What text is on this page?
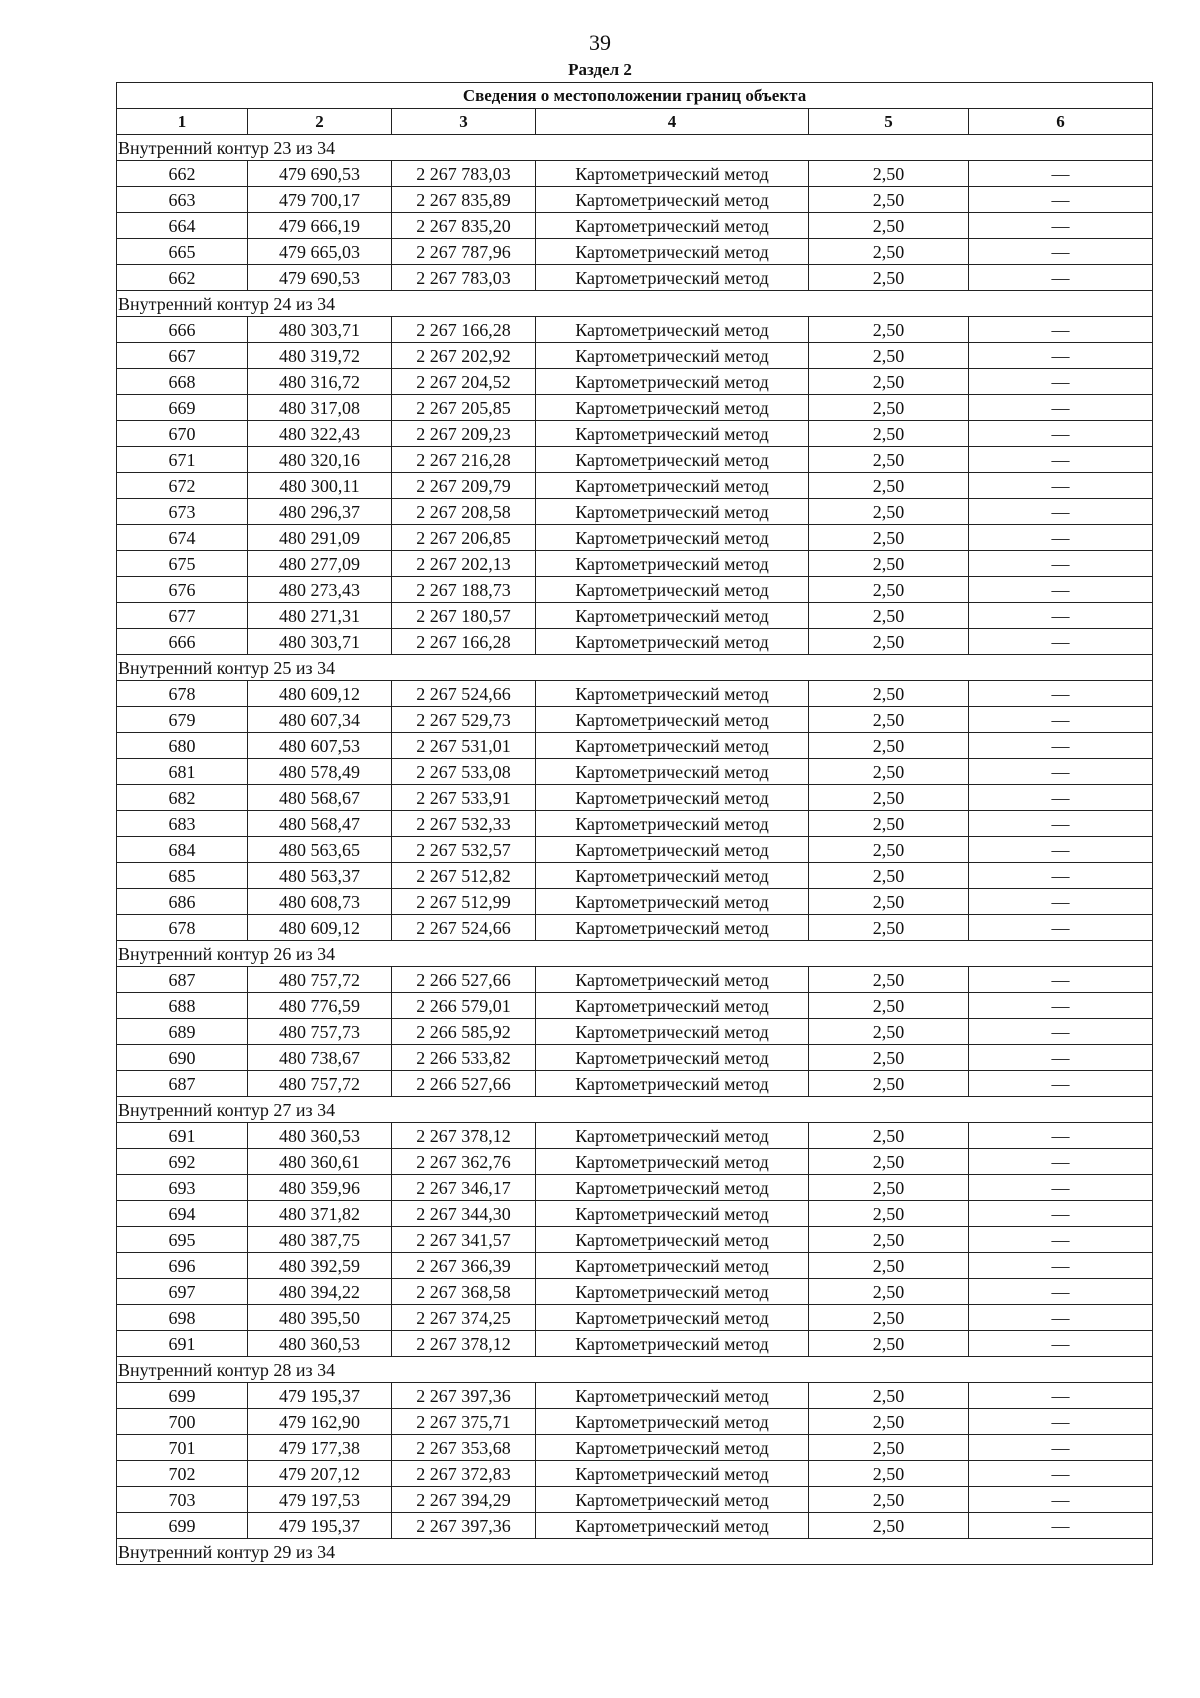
39
Раздел 2
Сведения о местоположении границ объекта					
1	2	3	4	5	6
Внутренний контур 23 из 34					
662	479 690,53	2 267 783,03	Картометрический метод	2,50	—
663	479 700,17	2 267 835,89	Картометрический метод	2,50	—
664	479 666,19	2 267 835,20	Картометрический метод	2,50	—
665	479 665,03	2 267 787,96	Картометрический метод	2,50	—
662	479 690,53	2 267 783,03	Картометрический метод	2,50	—
Внутренний контур 24 из 34					
666	480 303,71	2 267 166,28	Картометрический метод	2,50	—
667	480 319,72	2 267 202,92	Картометрический метод	2,50	—
668	480 316,72	2 267 204,52	Картометрический метод	2,50	—
669	480 317,08	2 267 205,85	Картометрический метод	2,50	—
670	480 322,43	2 267 209,23	Картометрический метод	2,50	—
671	480 320,16	2 267 216,28	Картометрический метод	2,50	—
672	480 300,11	2 267 209,79	Картометрический метод	2,50	—
673	480 296,37	2 267 208,58	Картометрический метод	2,50	—
674	480 291,09	2 267 206,85	Картометрический метод	2,50	—
675	480 277,09	2 267 202,13	Картометрический метод	2,50	—
676	480 273,43	2 267 188,73	Картометрический метод	2,50	—
677	480 271,31	2 267 180,57	Картометрический метод	2,50	—
666	480 303,71	2 267 166,28	Картометрический метод	2,50	—
Внутренний контур 25 из 34					
678	480 609,12	2 267 524,66	Картометрический метод	2,50	—
679	480 607,34	2 267 529,73	Картометрический метод	2,50	—
680	480 607,53	2 267 531,01	Картометрический метод	2,50	—
681	480 578,49	2 267 533,08	Картометрический метод	2,50	—
682	480 568,67	2 267 533,91	Картометрический метод	2,50	—
683	480 568,47	2 267 532,33	Картометрический метод	2,50	—
684	480 563,65	2 267 532,57	Картометрический метод	2,50	—
685	480 563,37	2 267 512,82	Картометрический метод	2,50	—
686	480 608,73	2 267 512,99	Картометрический метод	2,50	—
678	480 609,12	2 267 524,66	Картометрический метод	2,50	—
Внутренний контур 26 из 34					
687	480 757,72	2 266 527,66	Картометрический метод	2,50	—
688	480 776,59	2 266 579,01	Картометрический метод	2,50	—
689	480 757,73	2 266 585,92	Картометрический метод	2,50	—
690	480 738,67	2 266 533,82	Картометрический метод	2,50	—
687	480 757,72	2 266 527,66	Картометрический метод	2,50	—
Внутренний контур 27 из 34					
691	480 360,53	2 267 378,12	Картометрический метод	2,50	—
692	480 360,61	2 267 362,76	Картометрический метод	2,50	—
693	480 359,96	2 267 346,17	Картометрический метод	2,50	—
694	480 371,82	2 267 344,30	Картометрический метод	2,50	—
695	480 387,75	2 267 341,57	Картометрический метод	2,50	—
696	480 392,59	2 267 366,39	Картометрический метод	2,50	—
697	480 394,22	2 267 368,58	Картометрический метод	2,50	—
698	480 395,50	2 267 374,25	Картометрический метод	2,50	—
691	480 360,53	2 267 378,12	Картометрический метод	2,50	—
Внутренний контур 28 из 34					
699	479 195,37	2 267 397,36	Картометрический метод	2,50	—
700	479 162,90	2 267 375,71	Картометрический метод	2,50	—
701	479 177,38	2 267 353,68	Картометрический метод	2,50	—
702	479 207,12	2 267 372,83	Картометрический метод	2,50	—
703	479 197,53	2 267 394,29	Картометрический метод	2,50	—
699	479 195,37	2 267 397,36	Картометрический метод	2,50	—
Внутренний контур 29 из 34					
